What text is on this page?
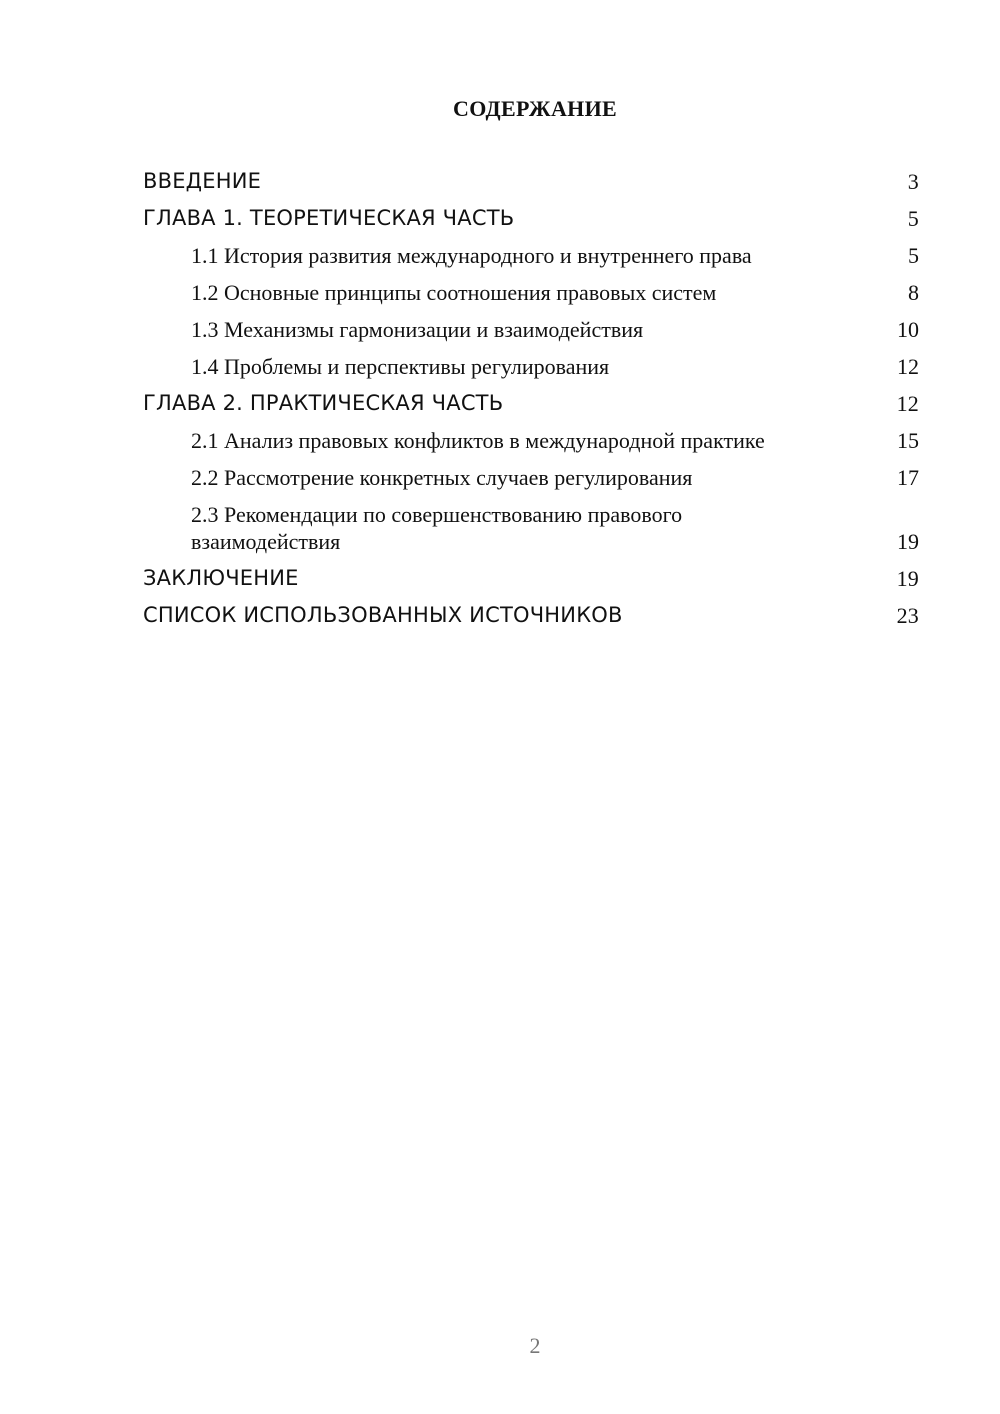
СОДЕРЖАНИЕ
ВВЕДЕНИЕ	3
ГЛАВА 1. ТЕОРЕТИЧЕСКАЯ ЧАСТЬ	5
1.1 История развития международного и внутреннего права	5
1.2 Основные принципы соотношения правовых систем	8
1.3 Механизмы гармонизации и взаимодействия	10
1.4 Проблемы и перспективы регулирования	12
ГЛАВА 2. ПРАКТИЧЕСКАЯ ЧАСТЬ	12
2.1 Анализ правовых конфликтов в международной практике	15
2.2 Рассмотрение конкретных случаев регулирования	17
2.3 Рекомендации по совершенствованию правового взаимодействия	19
ЗАКЛЮЧЕНИЕ	19
СПИСОК ИСПОЛЬЗОВАННЫХ ИСТОЧНИКОВ	23
2
